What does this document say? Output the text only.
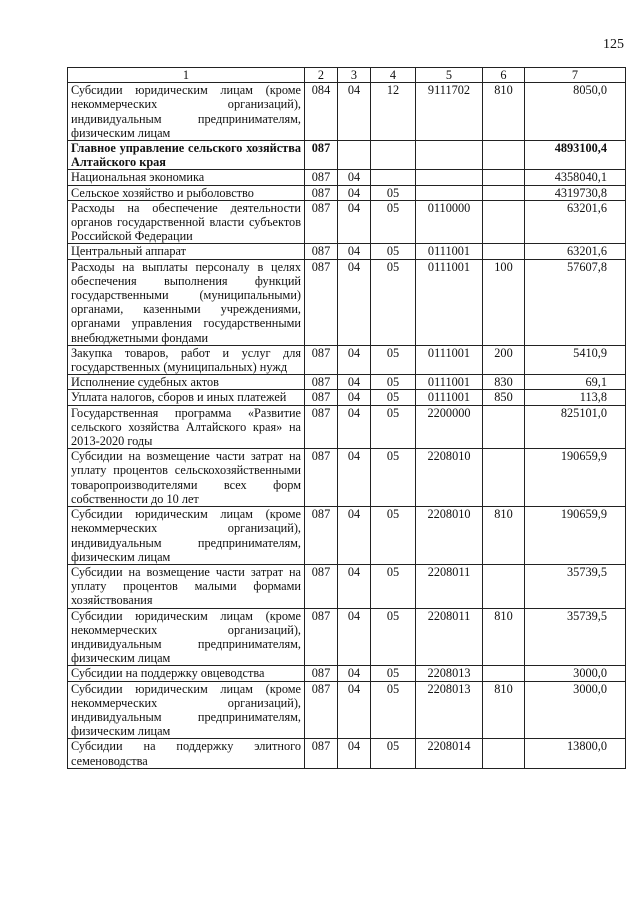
125
1	2	3	4	5	6	7
Субсидии юридическим лицам (кроме некоммерческих организаций), индивидуальным предпринимателям, физическим лицам	084	04	12	9111702	810	8050,0
Главное управление сельского хозяйства Алтайского края	087					4893100,4
Национальная экономика	087	04				4358040,1
Сельское хозяйство и рыболовство	087	04	05			4319730,8
Расходы на обеспечение деятельности органов государственной власти субъектов Российской Федерации	087	04	05	0110000		63201,6
Центральный аппарат	087	04	05	0111001		63201,6
Расходы на выплаты персоналу в целях обеспечения выполнения функций государственными (муниципальными) органами, казенными учреждениями, органами управления государственными внебюджетными фондами	087	04	05	0111001	100	57607,8
Закупка товаров, работ и услуг для государственных (муниципальных) нужд	087	04	05	0111001	200	5410,9
Исполнение судебных актов	087	04	05	0111001	830	69,1
Уплата налогов, сборов и иных платежей	087	04	05	0111001	850	113,8
Государственная программа «Развитие сельского хозяйства Алтайского края» на 2013-2020 годы	087	04	05	2200000		825101,0
Субсидии на возмещение части затрат на уплату процентов сельскохозяйственными товаропроизводителями всех форм собственности до 10 лет	087	04	05	2208010		190659,9
Субсидии юридическим лицам (кроме некоммерческих организаций), индивидуальным предпринимателям, физическим лицам	087	04	05	2208010	810	190659,9
Субсидии на возмещение части затрат на уплату процентов малыми формами хозяйствования	087	04	05	2208011		35739,5
Субсидии юридическим лицам (кроме некоммерческих организаций), индивидуальным предпринимателям, физическим лицам	087	04	05	2208011	810	35739,5
Субсидии на поддержку овцеводства	087	04	05	2208013		3000,0
Субсидии юридическим лицам (кроме некоммерческих организаций), индивидуальным предпринимателям, физическим лицам	087	04	05	2208013	810	3000,0
Субсидии на поддержку элитного семеноводства	087	04	05	2208014		13800,0
